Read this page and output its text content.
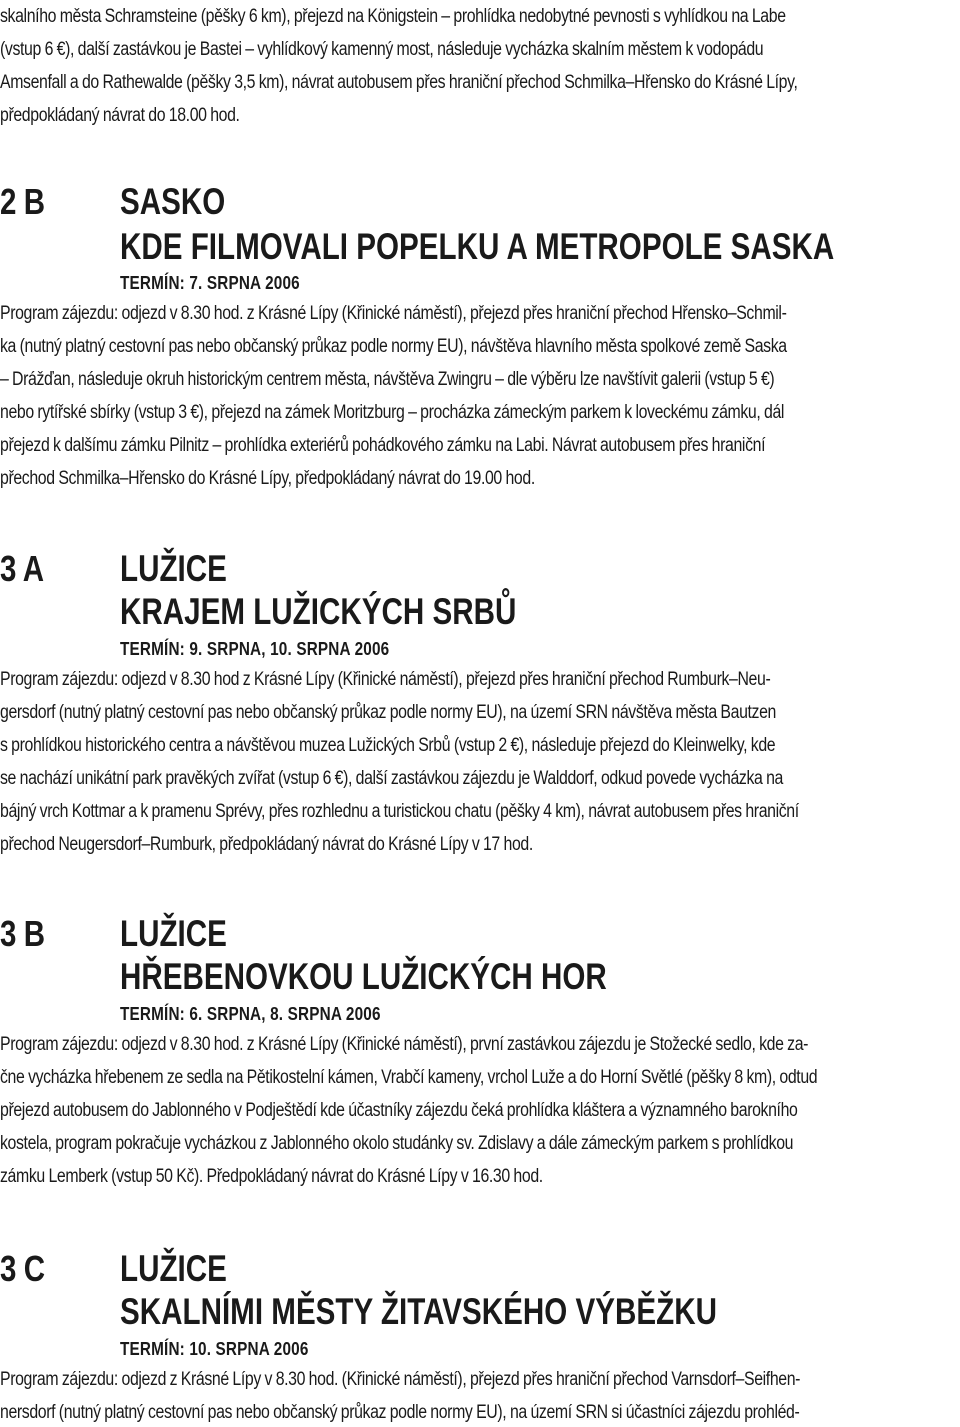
skalního města Schramsteine (pěšky 6 km), přejezd na Königstein – prohlídka nedobytné pevnosti s vyhlídkou na Labe
(vstup 6 €), další zastávkou je Bastei – vyhlídkový kamenný most, následuje vycházka skalním městem k vodopádu
Amsenfall a do Rathewalde (pěšky 3,5 km), návrat autobusem přes hraniční přechod Schmilka–Hřensko do Krásné Lípy,
předpokládaný návrat do 18.00 hod.
2 B SASKO
KDE FILMOVALI POPELKU A METROPOLE SASKA
TERMÍN: 7. SRPNA 2006
Program zájezdu: odjezd v 8.30 hod. z Krásné Lípy (Křinické náměstí), přejezd přes hraniční přechod Hřensko–Schmil-
ka (nutný platný cestovní pas nebo občanský průkaz podle normy EU), návštěva hlavního města spolkové země Saska
– Drážďan, následuje okruh historickým centrem města, návštěva Zwingru – dle výběru lze navštívit galerii (vstup 5 €)
nebo rytířské sbírky (vstup 3 €), přejezd na zámek Moritzburg – procházka zámeckým parkem k loveckému zámku, dál
přejezd k dalšímu zámku Pilnitz – prohlídka exteriérů pohádkového zámku na Labi. Návrat autobusem přes hraniční
přechod Schmilka–Hřensko do Krásné Lípy, předpokládaný návrat do 19.00 hod.
3 A LUŽICE
KRAJEM LUŽICKÝCH SRBŮ
TERMÍN: 9. SRPNA, 10. SRPNA 2006
Program zájezdu: odjezd v 8.30 hod z Krásné Lípy (Křinické náměstí), přejezd přes hraniční přechod Rumburk–Neu-
gersdorf (nutný platný cestovní pas nebo občanský průkaz podle normy EU), na území SRN návštěva města Bautzen
s prohlídkou historického centra a návštěvou muzea Lužických Srbů (vstup 2 €), následuje přejezd do Kleinwelky, kde
se nachází unikátní park pravěkých zvířat (vstup 6 €), další zastávkou zájezdu je Walddorf, odkud povede vycházka na
bájný vrch Kottmar a k pramenu Sprévy, přes rozhlednu a turistickou chatu (pěšky 4 km), návrat autobusem přes hraniční
přechod Neugersdorf–Rumburk, předpokládaný návrat do Krásné Lípy v 17 hod.
3 B LUŽICE
HŘEBENOVKOU LUŽICKÝCH HOR
TERMÍN: 6. SRPNA, 8. SRPNA 2006
Program zájezdu: odjezd v 8.30 hod. z Krásné Lípy (Křinické náměstí), první zastávkou zájezdu je Stožecké sedlo, kde za-
čne vycházka hřebenem ze sedla na Pětikostelní kámen, Vrabčí kameny, vrchol Luže a do Horní Světlé (pěšky 8 km), odtud
přejezd autobusem do Jablonného v Podještědí kde účastníky zájezdu čeká prohlídka kláštera a významného barokního
kostela, program pokračuje vycházkou z Jablonného okolo studánky sv. Zdislavy a dále zámeckým parkem s prohlídkou
zámku Lemberk (vstup 50 Kč). Předpokládaný návrat do Krásné Lípy v 16.30 hod.
3 C LUŽICE
SKALNÍMI MĚSTY ŽITAVSKÉHO VÝBĚŽKU
TERMÍN: 10. SRPNA 2006
Program zájezdu: odjezd z Krásné Lípy v 8.30 hod. (Křinické náměstí), přejezd přes hraniční přechod Varnsdorf–Seifhen-
nersdorf (nutný platný cestovní pas nebo občanský průkaz podle normy EU), na území SRN si účastníci zájezdu prohléd-
